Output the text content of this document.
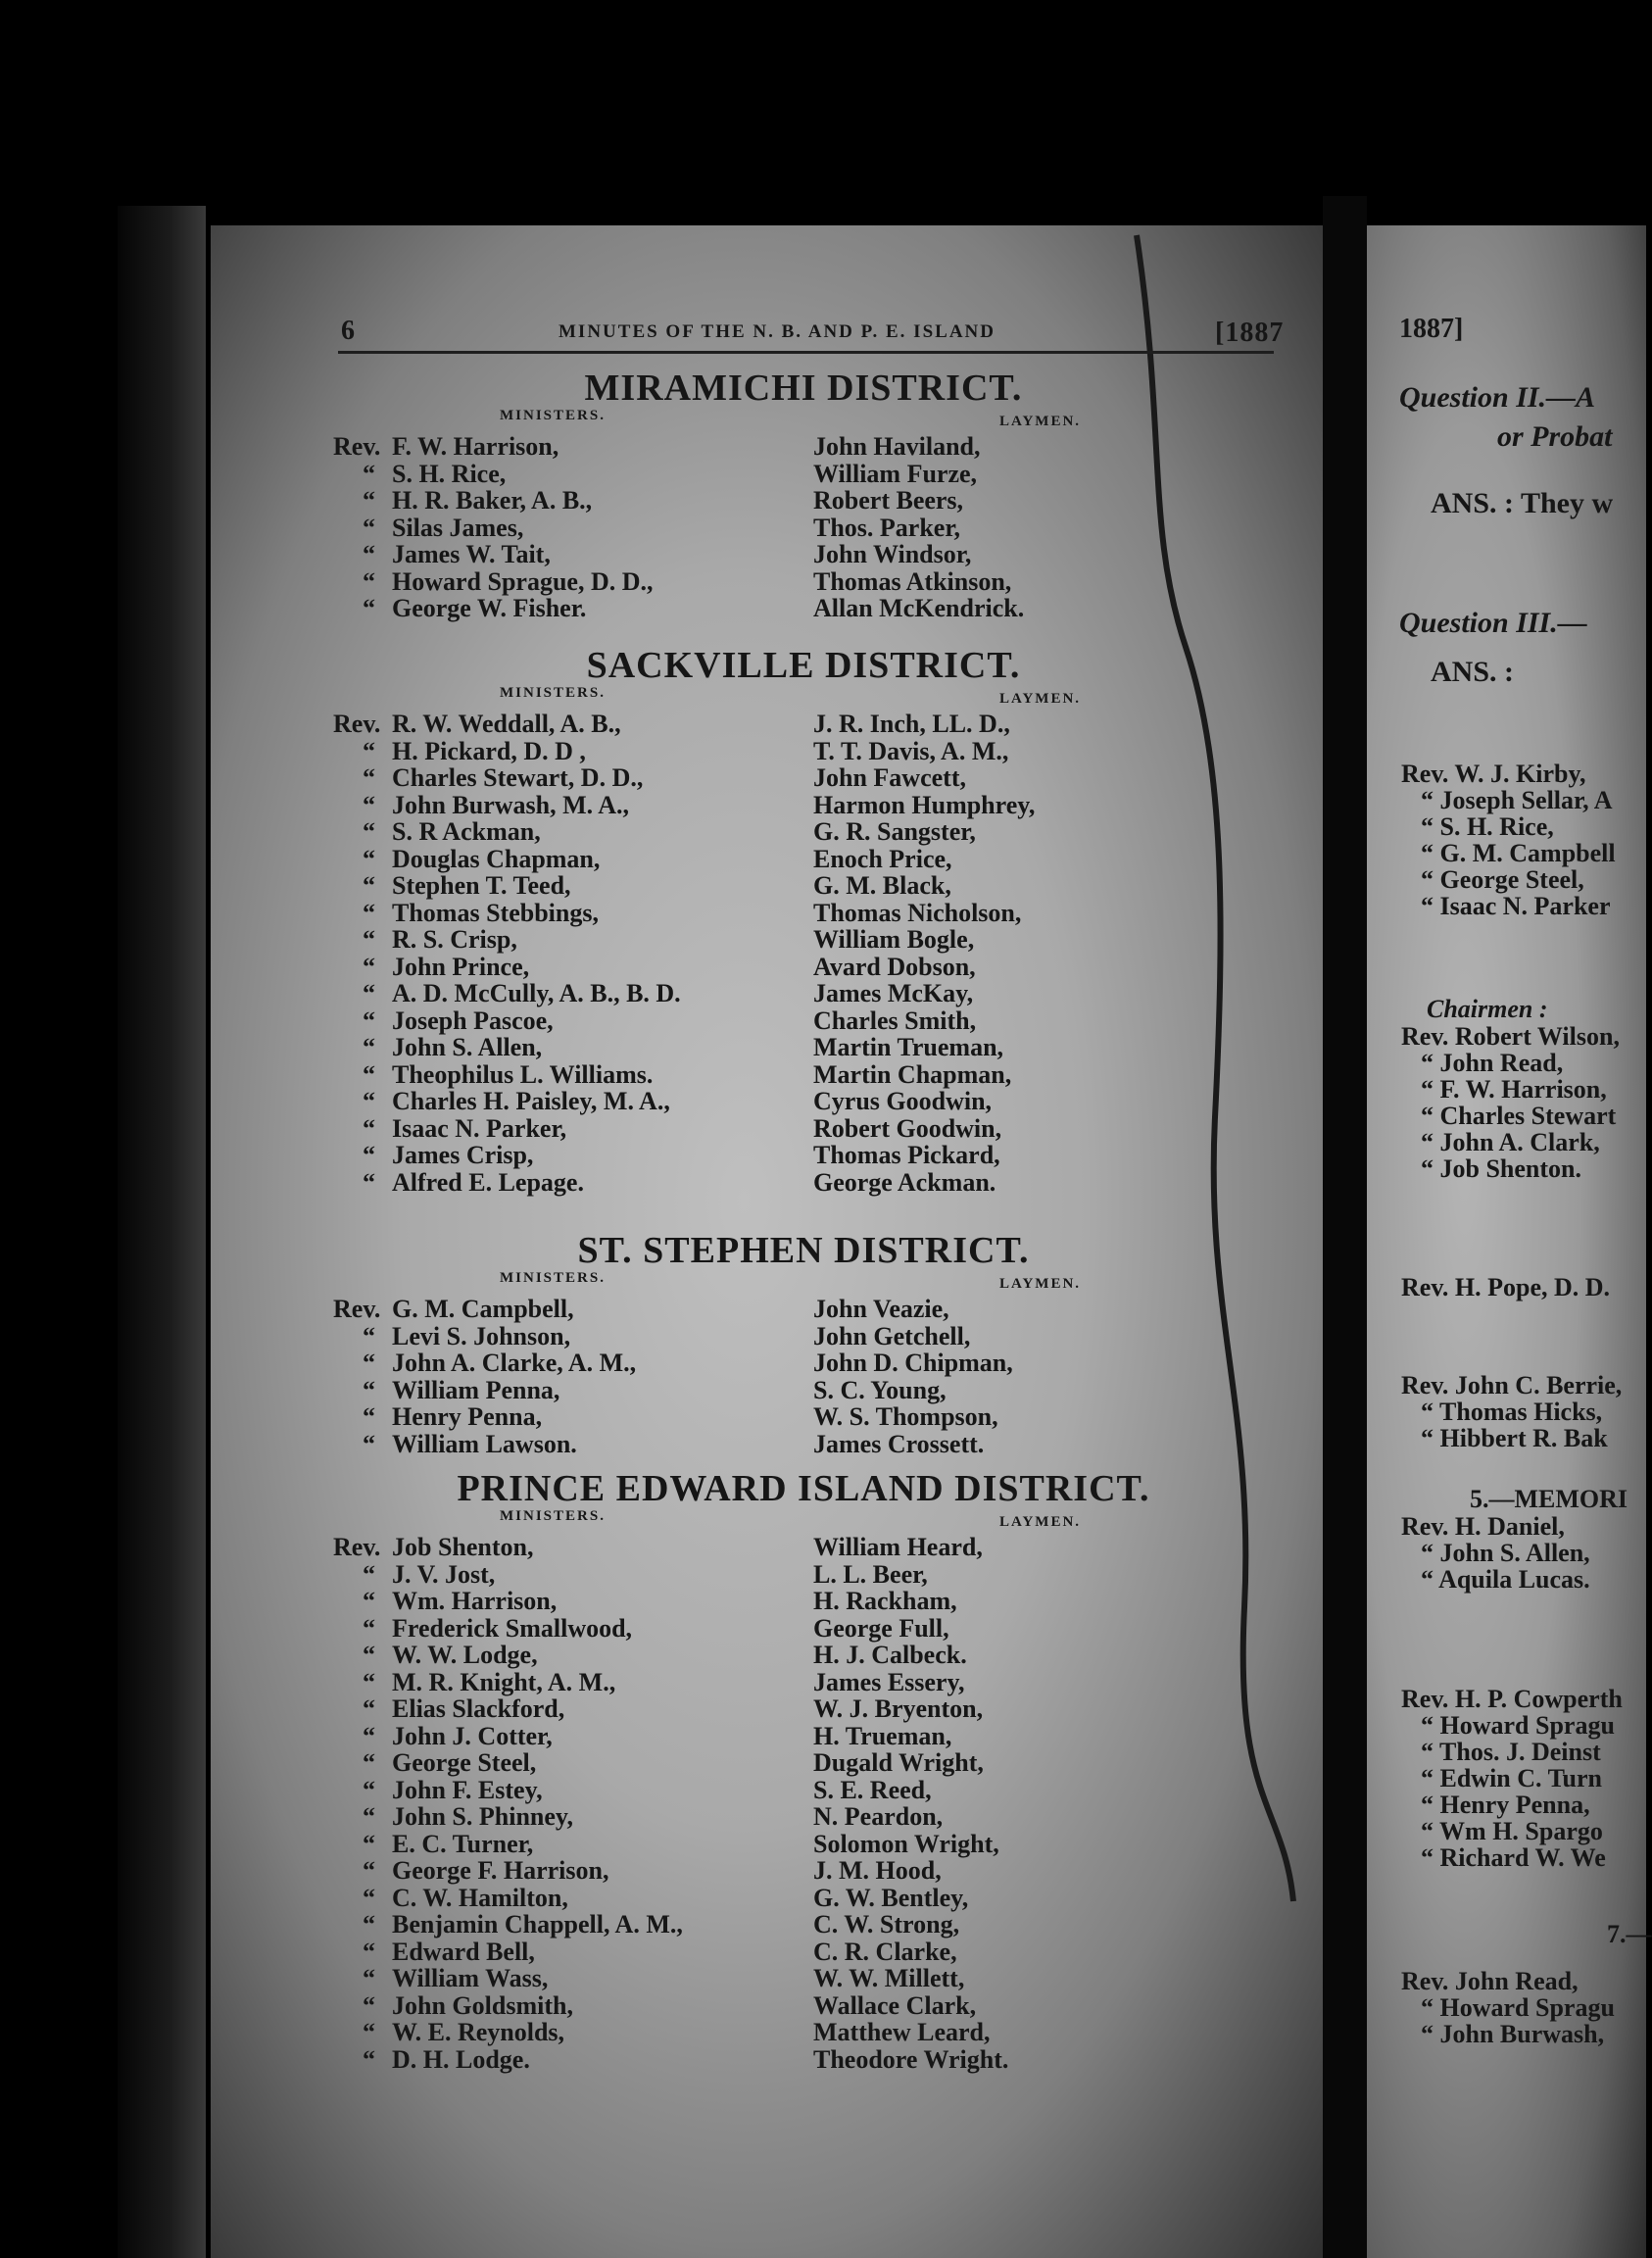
6	MINUTES OF THE N. B. AND P. E. ISLAND	[1887
MIRAMICHI DISTRICT.
MINISTERS.	LAYMEN.
Rev. F. W. Harrison,	John Haviland,
“ S. H. Rice,	William Furze,
“ H. R. Baker, A. B.,	Robert Beers,
“ Silas James,	Thos. Parker,
“ James W. Tait,	John Windsor,
“ Howard Sprague, D. D.,	Thomas Atkinson,
“ George W. Fisher.	Allan McKendrick.
SACKVILLE DISTRICT.
MINISTERS.	LAYMEN.
Rev. R. W. Weddall, A. B.,	J. R. Inch, LL. D.,
“ H. Pickard, D. D ,	T. T. Davis, A. M.,
“ Charles Stewart, D. D.,	John Fawcett,
“ John Burwash, M. A.,	Harmon Humphrey,
“ S. R Ackman,	G. R. Sangster,
“ Douglas Chapman,	Enoch Price,
“ Stephen T. Teed,	G. M. Black,
“ Thomas Stebbings,	Thomas Nicholson,
“ R. S. Crisp,	William Bogle,
“ John Prince,	Avard Dobson,
“ A. D. McCully, A. B., B. D.	James McKay,
“ Joseph Pascoe,	Charles Smith,
“ John S. Allen,	Martin Trueman,
“ Theophilus L. Williams.	Martin Chapman,
“ Charles H. Paisley, M. A.,	Cyrus Goodwin,
“ Isaac N. Parker,	Robert Goodwin,
“ James Crisp,	Thomas Pickard,
“ Alfred E. Lepage.	George Ackman.
ST. STEPHEN DISTRICT.
MINISTERS.	LAYMEN.
Rev. G. M. Campbell,	John Veazie,
“ Levi S. Johnson,	John Getchell,
“ John A. Clarke, A. M.,	John D. Chipman,
“ William Penna,	S. C. Young,
“ Henry Penna,	W. S. Thompson,
“ William Lawson.	James Crossett.
PRINCE EDWARD ISLAND DISTRICT.
MINISTERS.	LAYMEN.
Rev. Job Shenton,	William Heard,
“ J. V. Jost,	L. L. Beer,
“ Wm. Harrison,	H. Rackham,
“ Frederick Smallwood,	George Full,
“ W. W. Lodge,	H. J. Calbeck.
“ M. R. Knight, A. M.,	James Essery,
“ Elias Slackford,	W. J. Bryenton,
“ John J. Cotter,	H. Trueman,
“ George Steel,	Dugald Wright,
“ John F. Estey,	S. E. Reed,
“ John S. Phinney,	N. Peardon,
“ E. C. Turner,	Solomon Wright,
“ George F. Harrison,	J. M. Hood,
“ C. W. Hamilton,	G. W. Bentley,
“ Benjamin Chappell, A. M.,	C. W. Strong,
“ Edward Bell,	C. R. Clarke,
“ William Wass,	W. W. Millett,
“ John Goldsmith,	Wallace Clark,
“ W. E. Reynolds,	Matthew Leard,
“ D. H. Lodge.	Theodore Wright.
1887]
Question II.—A
or Probat
ANS. : They w
Question III.—
ANS. :
Rev. W. J. Kirby,
“ Joseph Sellar, A
“ S. H. Rice,
“ G. M. Campbell
“ George Steel,
“ Isaac N. Parker
Chairmen :
Rev. Robert Wilson,
“ John Read,
“ F. W. Harrison,
“ Charles Stewart
“ John A. Clark,
“ Job Shenton.
Rev. H. Pope, D. D.
Rev. John C. Berrie,
“ Thomas Hicks,
“ Hibbert R. Bak
5.—MEMORI
Rev. H. Daniel,
“ John S. Allen,
“ Aquila Lucas.
Rev. H. P. Cowperth
“ Howard Spragu
“ Thos. J. Deinst
“ Edwin C. Turn
“ Henry Penna,
“ Wm H. Spargo
“ Richard W. We
7.—
Rev. John Read,
“ Howard Spragu
“ John Burwash,
